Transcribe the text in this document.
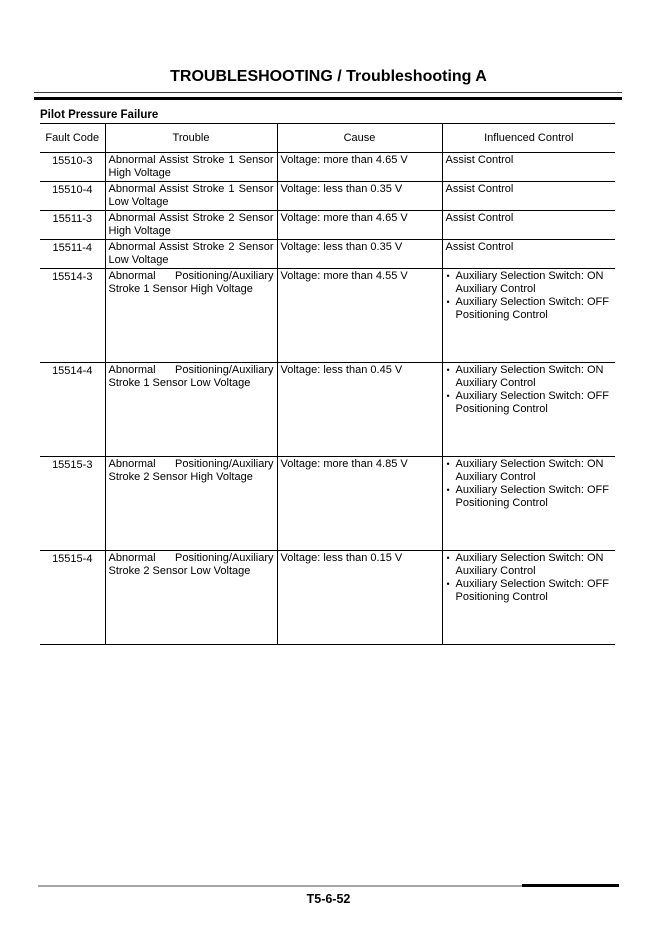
TROUBLESHOOTING / Troubleshooting A
Pilot Pressure Failure
Fault Code	Trouble	Cause	Influenced Control
15510-3	Abnormal Assist Stroke 1 Sensor High Voltage	Voltage: more than 4.65 V	Assist Control
15510-4	Abnormal Assist Stroke 1 Sensor Low Voltage	Voltage: less than 0.35 V	Assist Control
15511-3	Abnormal Assist Stroke 2 Sensor High Voltage	Voltage: more than 4.65 V	Assist Control
15511-4	Abnormal Assist Stroke 2 Sensor Low Voltage	Voltage: less than 0.35 V	Assist Control
15514-3	Abnormal Positioning/Auxiliary Stroke 1 Sensor High Voltage	Voltage: more than 4.55 V	• Auxiliary Selection Switch: ON
Auxiliary Control
• Auxiliary Selection Switch: OFF
Positioning Control

15514-4	Abnormal Positioning/Auxiliary Stroke 1 Sensor Low Voltage	Voltage: less than 0.45 V	• Auxiliary Selection Switch: ON
Auxiliary Control
• Auxiliary Selection Switch: OFF
Positioning Control

15515-3	Abnormal Positioning/Auxiliary Stroke 2 Sensor High Voltage	Voltage: more than 4.85 V	• Auxiliary Selection Switch: ON
Auxiliary Control
• Auxiliary Selection Switch: OFF
Positioning Control

15515-4	Abnormal Positioning/Auxiliary Stroke 2 Sensor Low Voltage	Voltage: less than 0.15 V	• Auxiliary Selection Switch: ON
Auxiliary Control
• Auxiliary Selection Switch: OFF
Positioning Control
T5-6-52
